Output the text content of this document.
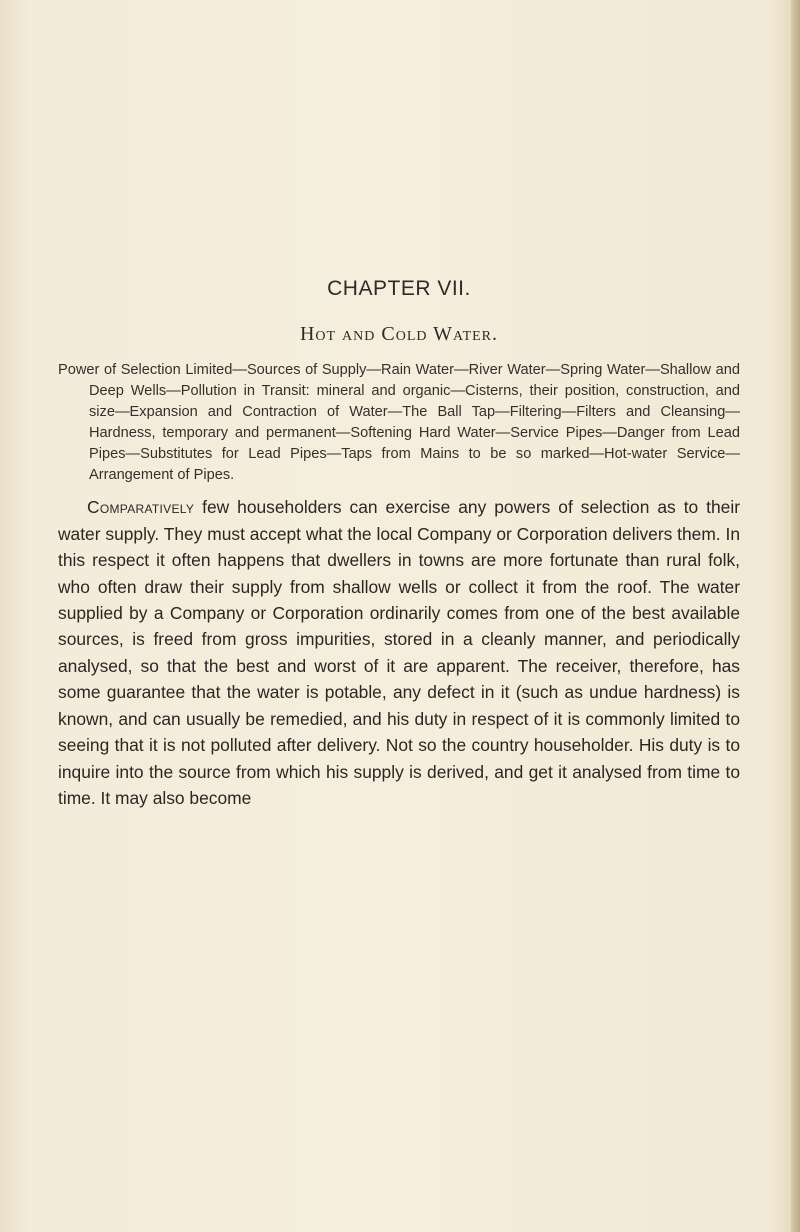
CHAPTER VII.
Hot and Cold Water.

Power of Selection Limited—Sources of Supply—Rain Water—River Water—Spring Water—Shallow and Deep Wells—Pollution in Transit: mineral and organic—Cisterns, their position, construction, and size—Expansion and Contraction of Water—The Ball Tap—Filtering—Filters and Cleansing—Hardness, temporary and permanent—Softening Hard Water—Service Pipes—Danger from Lead Pipes—Substitutes for Lead Pipes—Taps from Mains to be so marked—Hot-water Service—Arrangement of Pipes.

Comparatively few householders can exercise any powers of selection as to their water supply. They must accept what the local Company or Corporation delivers them. In this respect it often happens that dwellers in towns are more fortunate than rural folk, who often draw their supply from shallow wells or collect it from the roof. The water supplied by a Company or Corporation ordinarily comes from one of the best available sources, is freed from gross impurities, stored in a cleanly manner, and periodically analysed, so that the best and worst of it are apparent. The receiver, therefore, has some guarantee that the water is potable, any defect in it (such as undue hardness) is known, and can usually be remedied, and his duty in respect of it is commonly limited to seeing that it is not polluted after delivery. Not so the country householder. His duty is to inquire into the source from which his supply is derived, and get it analysed from time to time. It may also become
